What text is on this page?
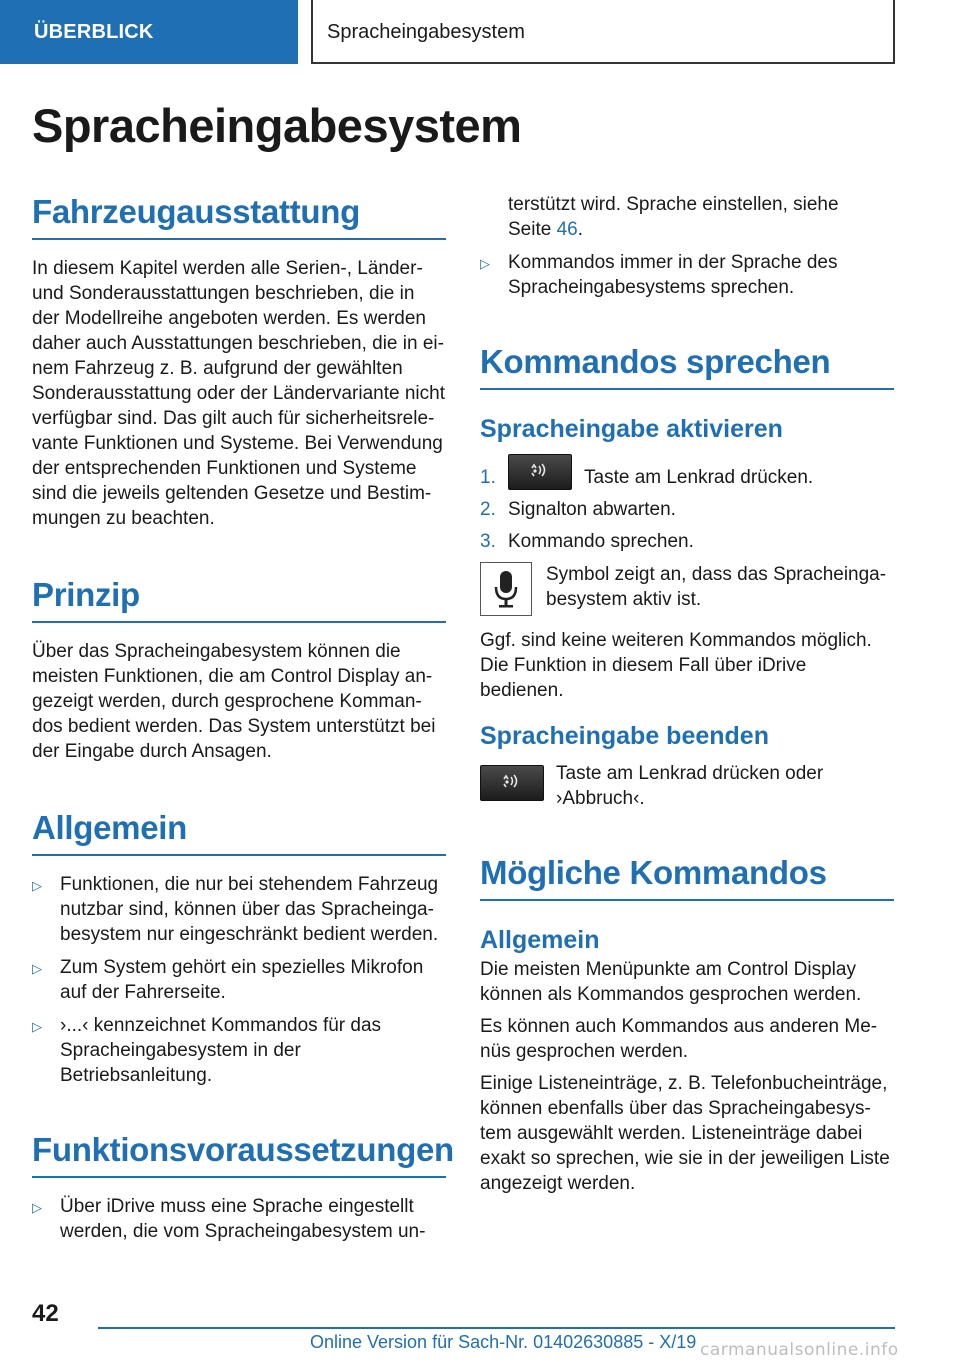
ÜBERBLICK	Spracheingabesystem
Spracheingabesystem
Fahrzeugausstattung

In diesem Kapitel werden alle Serien-, Länder-
und Sonderausstattungen beschrieben, die in
der Modellreihe angeboten werden. Es werden
daher auch Ausstattungen beschrieben, die in ei-
nem Fahrzeug z. B. aufgrund der gewählten
Sonderausstattung oder der Ländervariante nicht
verfügbar sind. Das gilt auch für sicherheitsrele-
vante Funktionen und Systeme. Bei Verwendung
der entsprechenden Funktionen und Systeme
sind die jeweils geltenden Gesetze und Bestim-
mungen zu beachten.

Prinzip

Über das Spracheingabesystem können die
meisten Funktionen, die am Control Display an-
gezeigt werden, durch gesprochene Komman-
dos bedient werden. Das System unterstützt bei
der Eingabe durch Ansagen.

Allgemein
▷ Funktionen, die nur bei stehendem Fahrzeug
nutzbar sind, können über das Spracheinga-
besystem nur eingeschränkt bedient werden.
▷ Zum System gehört ein spezielles Mikrofon
auf der Fahrerseite.
▷ ›...‹ kennzeichnet Kommandos für das
Spracheingabesystem in der
Betriebsanleitung.
Funktionsvoraussetzungen
▷ Über iDrive muss eine Sprache eingestellt
werden, die vom Spracheingabesystem un-

terstützt wird. Sprache einstellen, siehe
Seite 46.

▷ Kommandos immer in der Sprache des
Spracheingabesystems sprechen.
Kommandos sprechen
Spracheingabe aktivieren
1.	Taste am Lenkrad drücken.
2. Signalton abwarten.
3. Kommando sprechen.

Symbol zeigt an, dass das Spracheinga-
besystem aktiv ist.

Ggf. sind keine weiteren Kommandos möglich.
Die Funktion in diesem Fall über iDrive bedienen.

Spracheingabe beenden

Taste am Lenkrad drücken oder
›Abbruch‹.

Mögliche Kommandos
Allgemein

Die meisten Menüpunkte am Control Display
können als Kommandos gesprochen werden.

Es können auch Kommandos aus anderen Me-
nüs gesprochen werden.

Einige Listeneinträge, z. B. Telefonbucheinträge,
können ebenfalls über das Spracheingabesys-
tem ausgewählt werden. Listeneinträge dabei
exakt so sprechen, wie sie in der jeweiligen Liste
angezeigt werden.

42
Online Version für Sach-Nr. 01402630885 - X/19 carmanualsonline.info
